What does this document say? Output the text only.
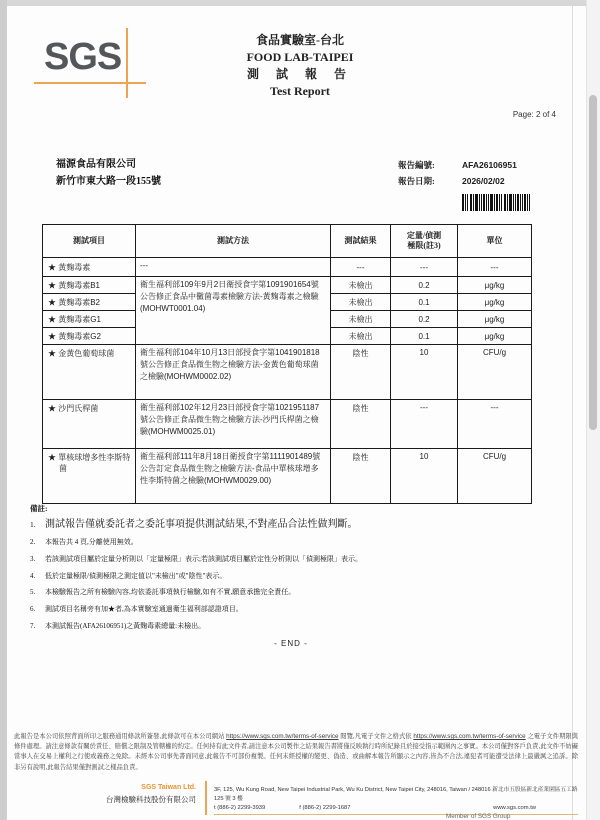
SGS	食品實驗室-台北
FOOD LAB-TAIPEI
測 試 報 告
Test Report
Page: 2 of 4
福源食品有限公司
新竹市東大路一段155號
報告編號:	AFA26106951
報告日期:	2026/02/02
測試項目	測試方法	測試結果	定量/偵測
極限(註3)	單位
★ 黃麴毒素	---	---	---	---
★ 黃麴毒素B1	衛生福利部109年9月2日衛授食字第1091901654號公告修正食品中黴菌毒素檢驗方法-黃麴毒素之檢驗(MOHWT0001.04)	未檢出	0.2	μg/kg
★ 黃麴毒素B2		未檢出	0.1	μg/kg
★ 黃麴毒素G1		未檢出	0.2	μg/kg
★ 黃麴毒素G2		未檢出	0.1	μg/kg
★ 金黃色葡萄球菌	衛生福利部104年10月13日部授食字第1041901818號公告修正食品微生物之檢驗方法-金黃色葡萄球菌之檢驗(MOHWM0002.02)	陰性	10	CFU/g
★ 沙門氏桿菌	衛生福利部102年12月23日部授食字第1021951187號公告修正食品微生物之檢驗方法-沙門氏桿菌之檢驗(MOHWM0025.01)	陰性	---	---
★ 單核球增多性李斯特菌	衛生福利部111年8月18日衛授食字第1111901489號公告訂定食品微生物之檢驗方法-食品中單核球增多性李斯特菌之檢驗(MOHWM0029.00)	陰性	10	CFU/g
備註:
1. 測試報告僅就委託者之委託事項提供測試結果,不對產品合法性做判斷。
2.	本報告共 4 頁,分離使用無效。
3.	若該測試項目屬於定量分析則以「定量極限」表示;若該測試項目屬於定性分析則以「偵測極限」表示。
4.	低於定量極限/偵測極限之測定值以"未檢出"或"陰性"表示。
5.	本檢驗報告之所有檢驗內容,均依委託事項執行檢驗,如有不實,願意承擔完全責任。
6.	測試項目名稱旁有加★者,為本實驗室通過衛生福利部認證項目。
7.	本測試報告(AFA26106951)之黃麴毒素總量:未檢出。
- END -
此報告是本公司依照背面所印之服務通用條款所簽發,此條款可在本公司網站 https://www.sgs.com.tw/terms-of-service 閱覽,凡電子文件之格式依 https://www.sgs.com.tw/terms-of-service 之電子文件期限與條件處理。請注意條款有關於責任、賠償之限制及管轄權的約定。任何持有此文件者,請注意本公司製作之結果報告書將僅反映執行時所紀錄且於接受指示範圍內之事實。本公司僅對客戶負責,此文件不妨礙當事人在交易上權利之行使或義務之免除。未經本公司事先書面同意,此報告不可部份複製。任何未經授權的變更、偽造、或曲解本報告所顯示之內容,皆為不合法,違犯者可能遭受法律上最嚴厲之追訴。除非另有說明,此報告結果僅對測試之樣品負責。
SGS Taiwan Ltd.
台灣檢驗科技股份有限公司
3F, 125, Wu Kung Road, New Taipei Industrial Park, Wu Ku District, New Taipei City, 248016, Taiwan / 248016 新北市五股區新北產業園區五工路 125 號 3 樓
t (886-2) 2299-3939	f (886-2) 2299-1687	www.sgs.com.tw
Member of SGS Group
